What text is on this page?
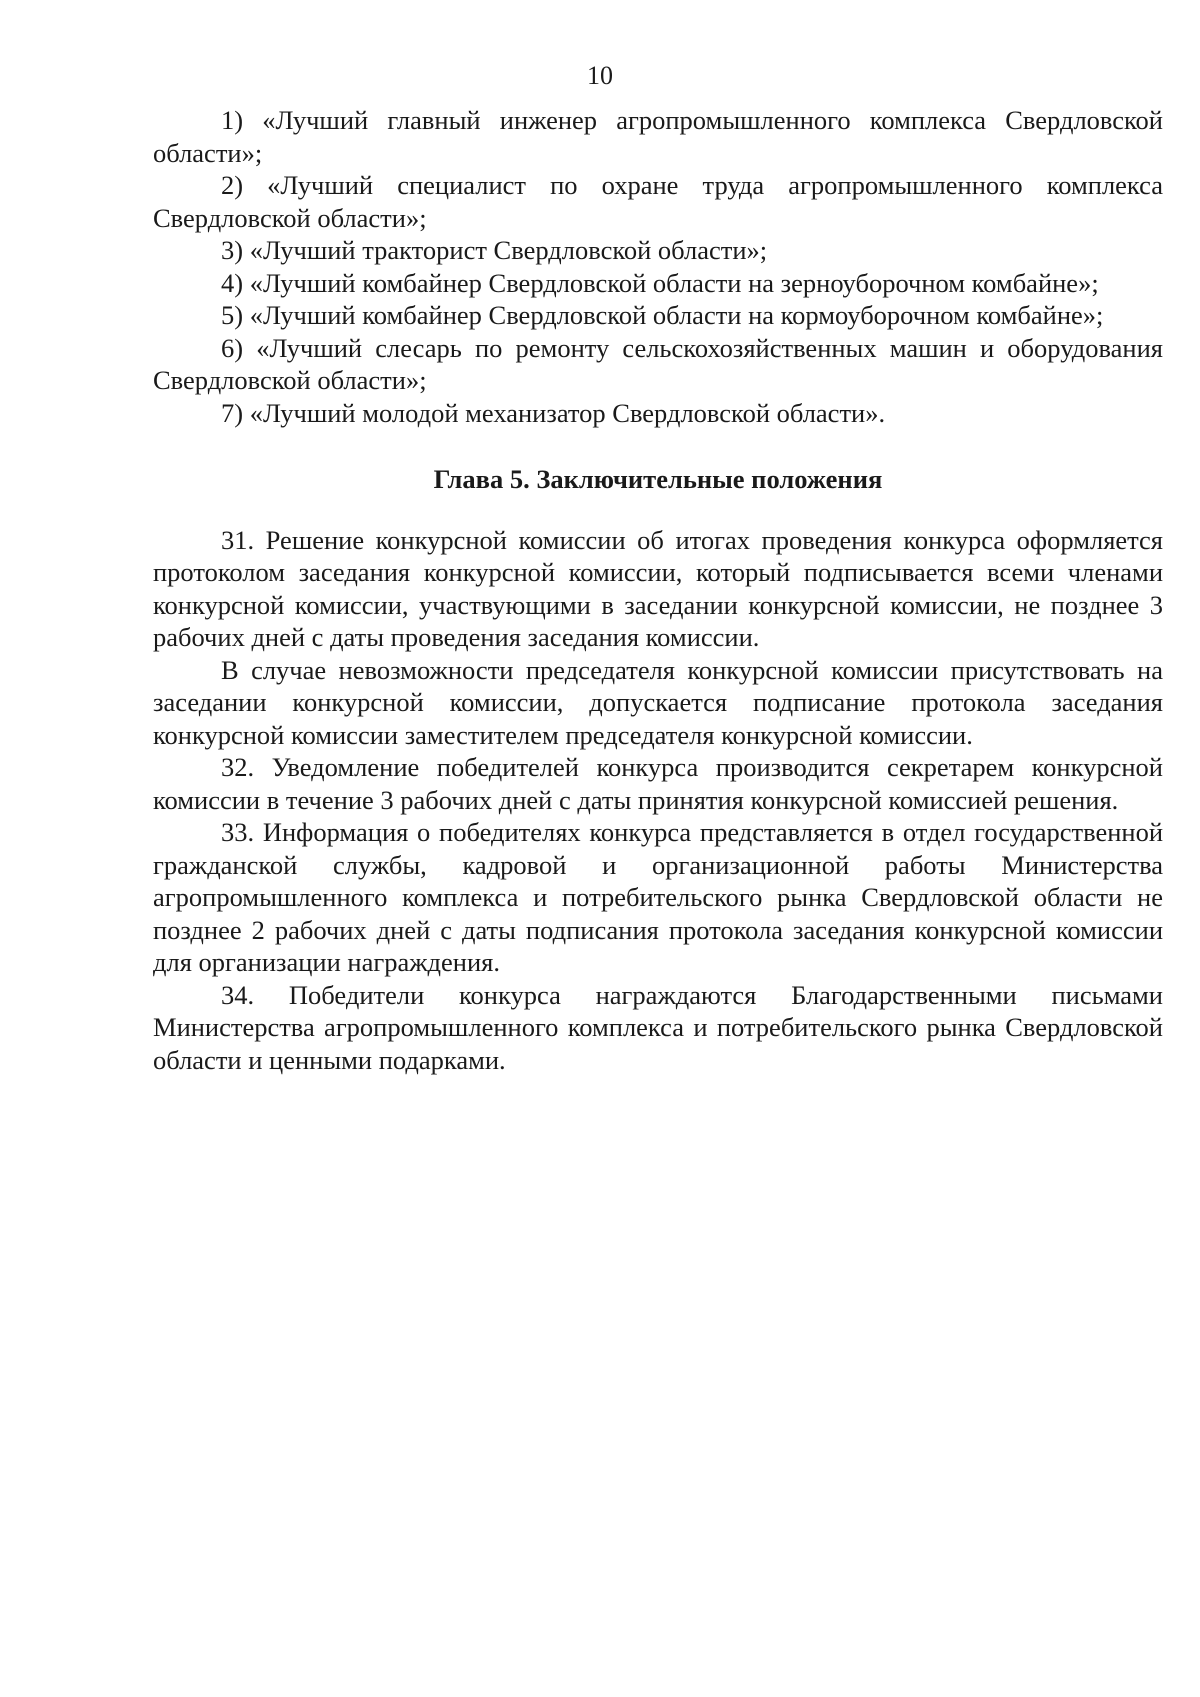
10

1) «Лучший главный инженер агропромышленного комплекса Свердловской области»;

2) «Лучший специалист по охране труда агропромышленного комплекса Свердловской области»;

3) «Лучший тракторист Свердловской области»;

4) «Лучший комбайнер Свердловской области на зерноуборочном комбайне»;

5) «Лучший комбайнер Свердловской области на кормоуборочном комбайне»;

6) «Лучший слесарь по ремонту сельскохозяйственных машин и оборудования Свердловской области»;

7) «Лучший молодой механизатор Свердловской области».

Глава 5. Заключительные положения

31. Решение конкурсной комиссии об итогах проведения конкурса оформляется протоколом заседания конкурсной комиссии, который подписывается всеми членами конкурсной комиссии, участвующими в заседании конкурсной комиссии, не позднее 3 рабочих дней с даты проведения заседания комиссии.

В случае невозможности председателя конкурсной комиссии присутствовать на заседании конкурсной комиссии, допускается подписание протокола заседания конкурсной комиссии заместителем председателя конкурсной комиссии.

32. Уведомление победителей конкурса производится секретарем конкурсной комиссии в течение 3 рабочих дней с даты принятия конкурсной комиссией решения.

33. Информация о победителях конкурса представляется в отдел государственной гражданской службы, кадровой и организационной работы Министерства агропромышленного комплекса и потребительского рынка Свердловской области не позднее 2 рабочих дней с даты подписания протокола заседания конкурсной комиссии для организации награждения.

34. Победители конкурса награждаются Благодарственными письмами Министерства агропромышленного комплекса и потребительского рынка Свердловской области и ценными подарками.
